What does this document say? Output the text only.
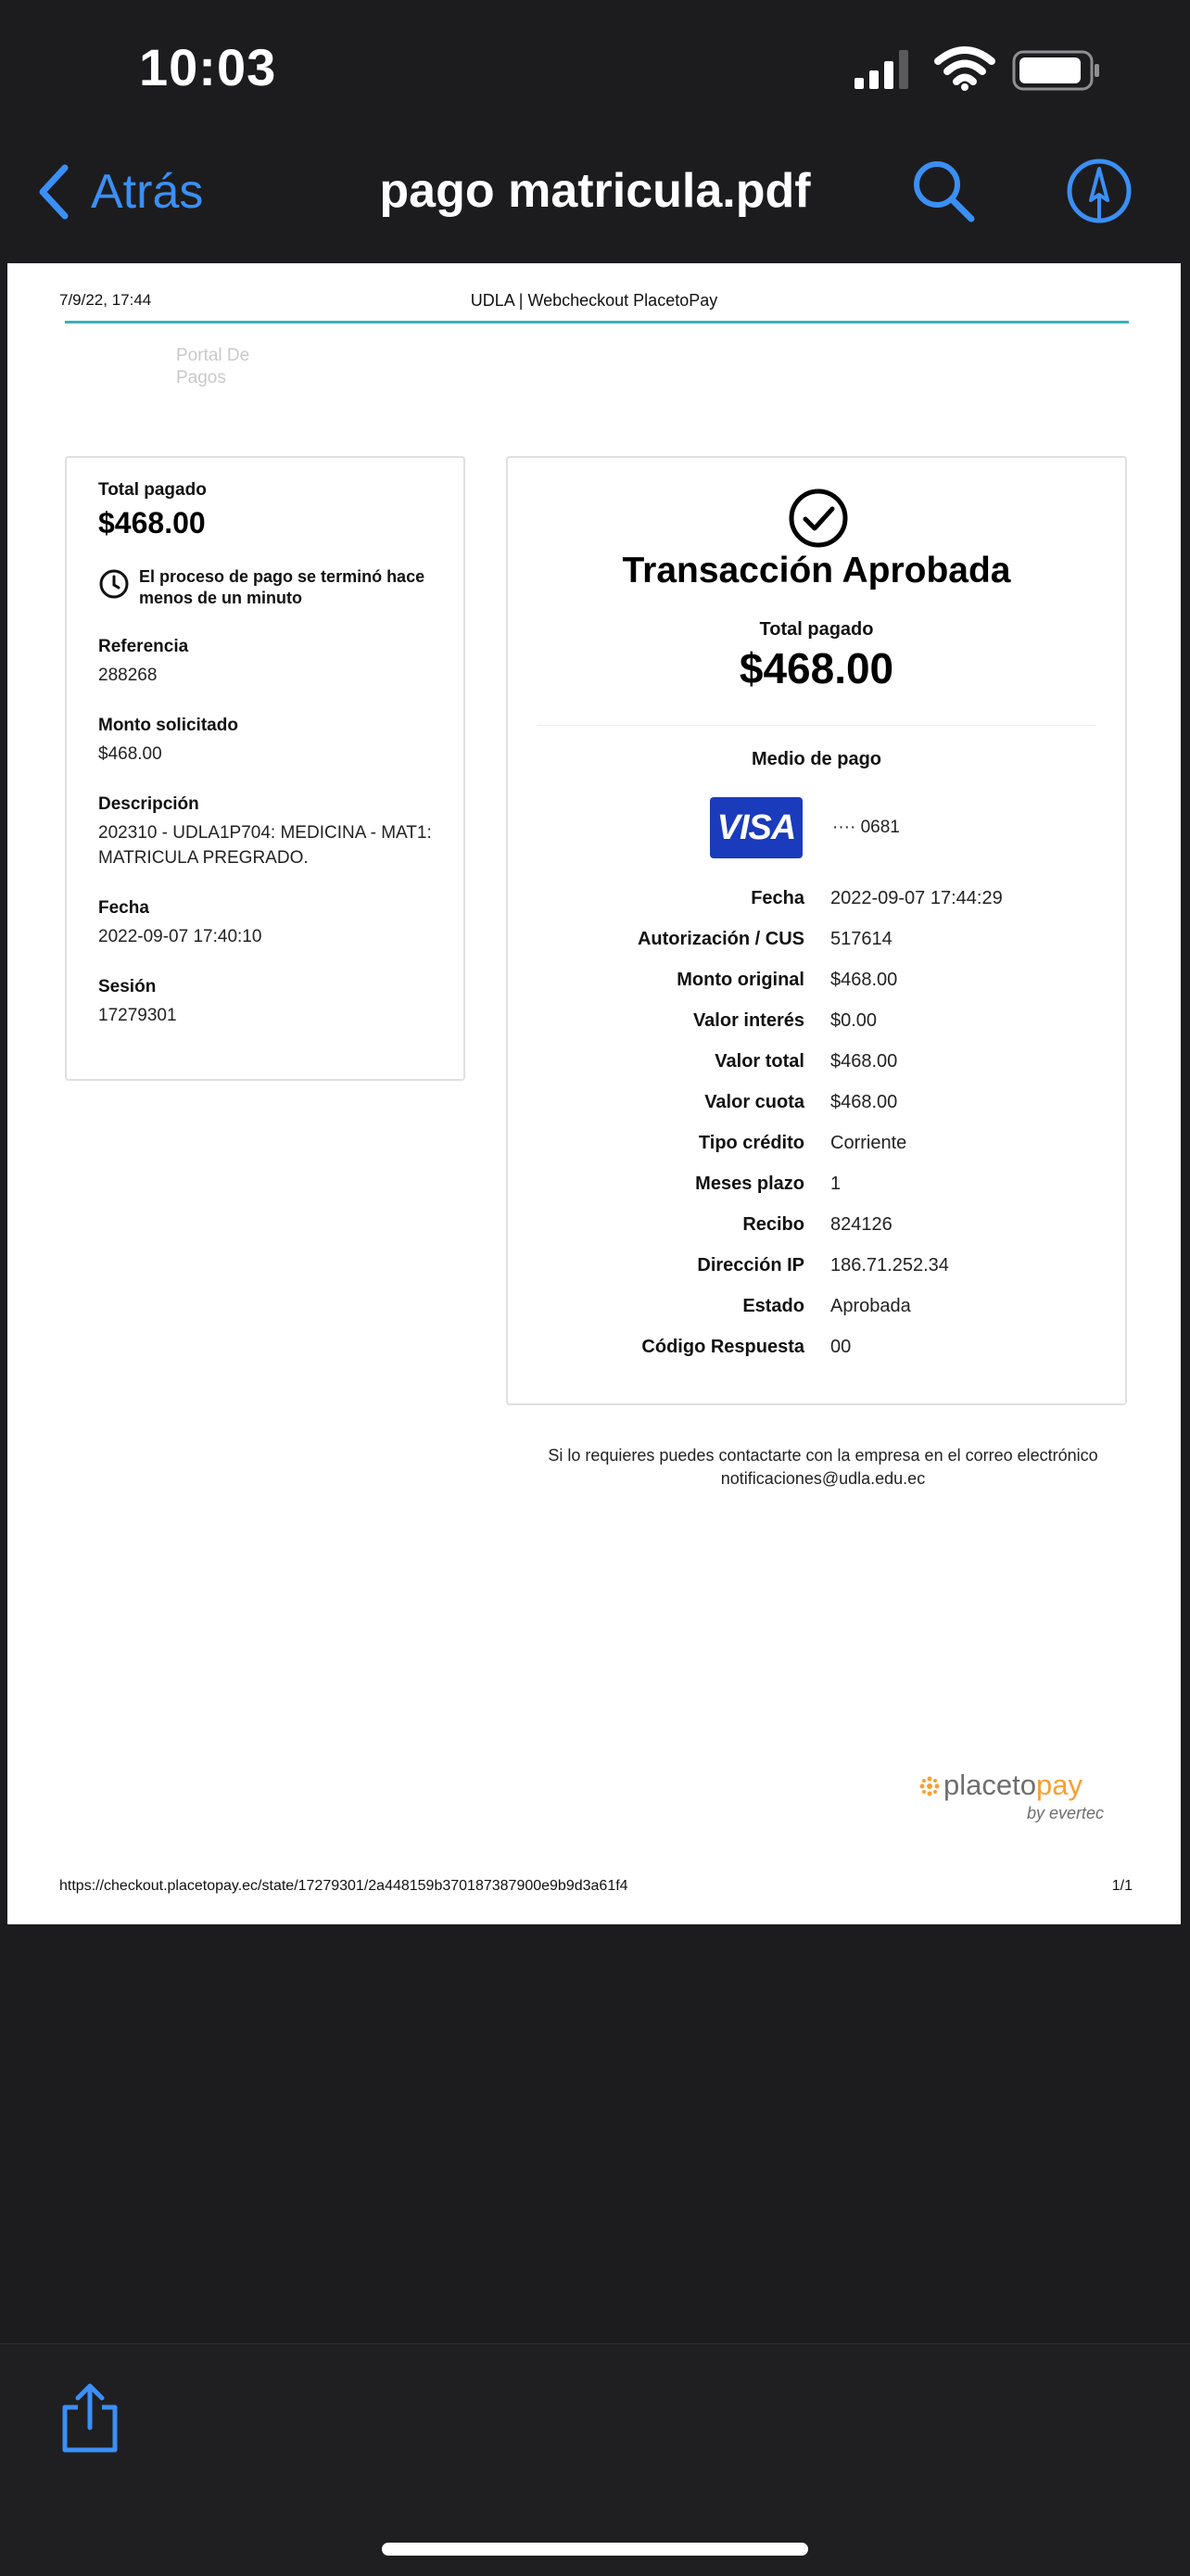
10:03
Atrás	pago matricula.pdf
7/9/22, 17:44	UDLA | Webcheckout PlacetoPay
Portal De
Pagos
Total pagado
$468.00
El proceso de pago se terminó hace menos de un minuto
Referencia
288268
Monto solicitado
$468.00
Descripción
202310 - UDLA1P704: MEDICINA - MAT1: MATRICULA PREGRADO.
Fecha
2022-09-07 17:40:10
Sesión
17279301
Transacción Aprobada
Total pagado
$468.00
Medio de pago
VISA	···· 0681
Fecha 2022-09-07 17:44:29
Autorización / CUS 517614
Monto original $468.00
Valor interés $0.00
Valor total $468.00
Valor cuota $468.00
Tipo crédito Corriente
Meses plazo 1
Recibo 824126
Dirección IP 186.71.252.34
Estado Aprobada
Código Respuesta 00
Si lo requieres puedes contactarte con la empresa en el correo electrónico
notificaciones@udla.edu.ec
placetopay
by evertec
https://checkout.placetopay.ec/state/17279301/2a448159b370187387900e9b9d3a61f4	1/1
